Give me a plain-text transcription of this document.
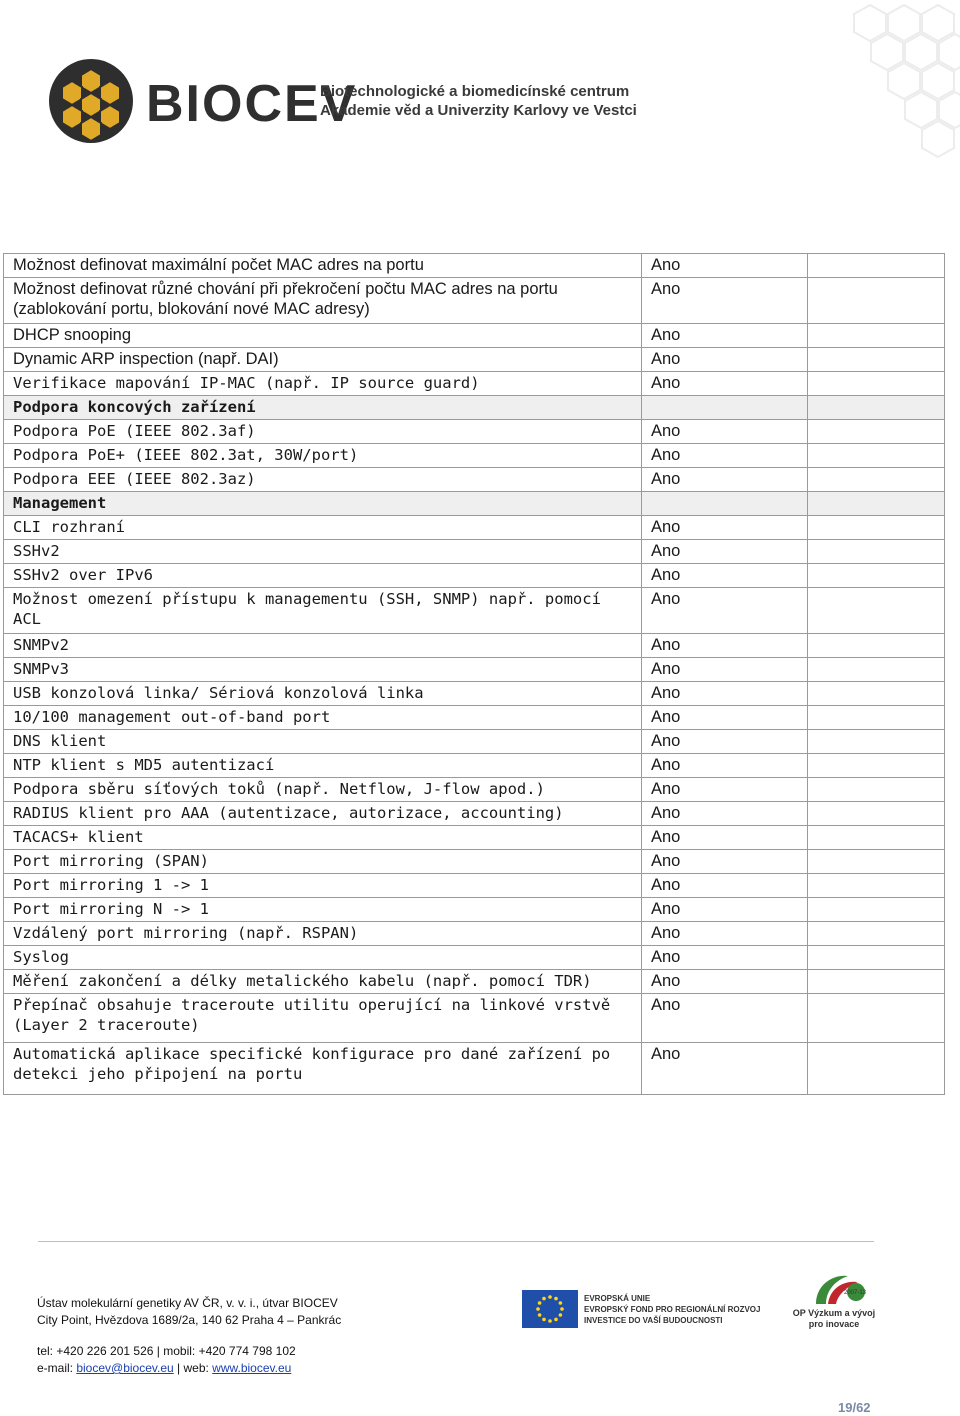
BIOCEV
Biotechnologické a biomedicínské centrum
Akademie věd a Univerzity Karlovy ve Vestci
Možnost definovat maximální počet MAC adres na portu	Ano	
Možnost definovat různé chování při překročení počtu MAC adres na portu (zablokování portu, blokování nové MAC adresy)	Ano	
DHCP snooping	Ano	
Dynamic ARP inspection (např. DAI)	Ano	
Verifikace mapování IP-MAC (např. IP source guard)	Ano	
Podpora koncových zařízení		
Podpora PoE (IEEE 802.3af)	Ano	
Podpora PoE+ (IEEE 802.3at, 30W/port)	Ano	
Podpora EEE (IEEE 802.3az)	Ano	
Management		
CLI rozhraní	Ano	
SSHv2	Ano	
SSHv2 over IPv6	Ano	
Možnost omezení přístupu k managementu (SSH, SNMP) např. pomocí ACL	Ano	
SNMPv2	Ano	
SNMPv3	Ano	
USB konzolová linka/ Sériová konzolová linka	Ano	
10/100 management out-of-band port	Ano	
DNS klient	Ano	
NTP klient s MD5 autentizací	Ano	
Podpora sběru síťových toků (např. Netflow, J-flow apod.)	Ano	
RADIUS klient pro AAA (autentizace, autorizace, accounting)	Ano	
TACACS+ klient	Ano	
Port mirroring (SPAN)	Ano	
Port mirroring 1 -> 1	Ano	
Port mirroring N -> 1	Ano	
Vzdálený port mirroring (např. RSPAN)	Ano	
Syslog	Ano	
Měření zakončení a délky metalického kabelu (např. pomocí TDR)	Ano	
Přepínač obsahuje traceroute utilitu operující na linkové vrstvě (Layer 2 traceroute)	Ano	
Automatická aplikace specifické konfigurace pro dané zařízení po detekci jeho připojení na portu	Ano	
Ústav molekulární genetiky AV ČR, v. v. i., útvar BIOCEV
City Point, Hvězdova 1689/2a, 140 62 Praha 4 – Pankrác
tel: +420 226 201 526 | mobil: +420 774 798 102
e-mail: biocev@biocev.eu | web: www.biocev.eu
EVROPSKÁ UNIE
EVROPSKÝ FOND PRO REGIONÁLNÍ ROZVOJ
INVESTICE DO VAŠÍ BUDOUCNOSTI
2007-13
OP Výzkum a vývoj
pro inovace
19/62
